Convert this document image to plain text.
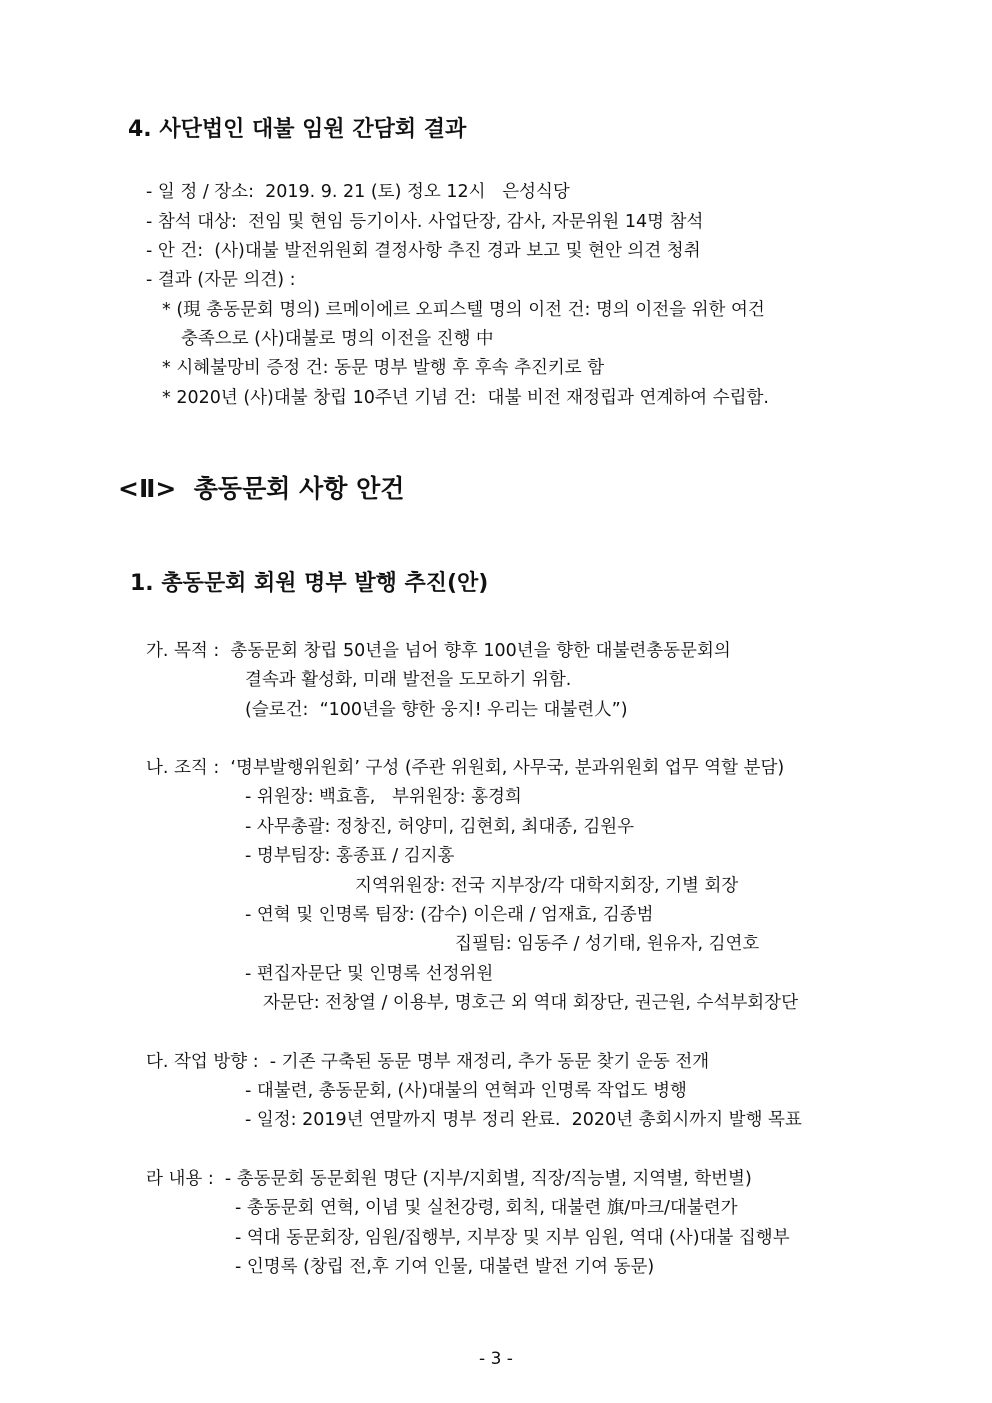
4. 사단법인 대불 임원 간담회 결과
- 일 정 / 장소:  2019. 9. 21 (토) 정오 12시   은성식당
- 참석 대상:  전임 및 현임 등기이사. 사업단장, 감사, 자문위원 14명 참석
- 안 건:  (사)대불 발전위원회 결정사항 추진 경과 보고 및 현안 의견 청취
- 결과 (자문 의견) :
* (現 총동문회 명의) 르메이에르 오피스텔 명의 이전 건: 명의 이전을 위한 여건
충족으로 (사)대불로 명의 이전을 진행 中
* 시혜불망비 증정 건: 동문 명부 발행 후 후속 추진키로 함
* 2020년 (사)대불 창립 10주년 기념 건:  대불 비전 재정립과 연계하여 수립함.
<Ⅱ>  총동문회 사항 안건
1. 총동문회 회원 명부 발행 추진(안)
가. 목적 :  총동문회 창립 50년을 넘어 향후 100년을 향한 대불련총동문회의
결속과 활성화, 미래 발전을 도모하기 위함.
(슬로건:  “100년을 향한 웅지! 우리는 대불련人”)
나. 조직 :  ‘명부발행위원회’ 구성 (주관 위원회, 사무국, 분과위원회 업무 역할 분담)
- 위원장: 백효흠,   부위원장: 홍경희
- 사무총괄: 정창진, 허양미, 김현회, 최대종, 김원우
- 명부팀장: 홍종표 / 김지홍
지역위원장: 전국 지부장/각 대학지회장, 기별 회장
- 연혁 및 인명록 팀장: (감수) 이은래 / 엄재효, 김종범
집필팀: 임동주 / 성기태, 원유자, 김연호
- 편집자문단 및 인명록 선정위원
자문단: 전창열 / 이용부, 명호근 외 역대 회장단, 권근원, 수석부회장단
다. 작업 방향 :  - 기존 구축된 동문 명부 재정리, 추가 동문 찾기 운동 전개
- 대불련, 총동문회, (사)대불의 연혁과 인명록 작업도 병행
- 일정: 2019년 연말까지 명부 정리 완료.  2020년 총회시까지 발행 목표
라 내용 :  - 총동문회 동문회원 명단 (지부/지회별, 직장/직능별, 지역별, 학번별)
- 총동문회 연혁, 이념 및 실천강령, 회칙, 대불련 旗/마크/대불련가
- 역대 동문회장, 임원/집행부, 지부장 및 지부 임원, 역대 (사)대불 집행부
- 인명록 (창립 전,후 기여 인물, 대불련 발전 기여 동문)
- 3 -
